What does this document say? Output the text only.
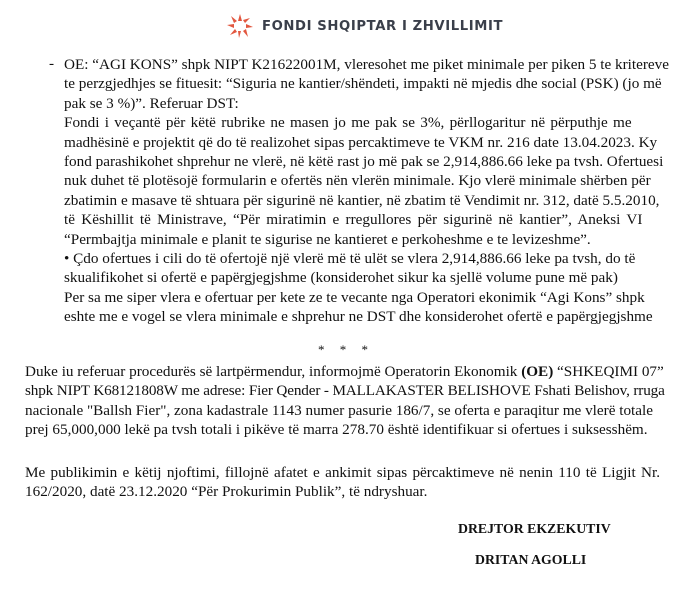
FONDI SHQIPTAR I ZHVILLIMIT
- OE: “AGI KONS” shpk NIPT K21622001M, vleresohet me piket minimale per piken 5 te kritereve
te perzgjedhjes se fituesit: “Siguria ne kantier/shëndeti, impakti në mjedis dhe social (PSK) (jo më
pak se 3 %)”. Referuar DST:
Fondi i veçantë për këtë rubrike ne masen jo me pak se 3%, përllogaritur në përputhje me
madhësinë e projektit që do të realizohet sipas percaktimeve te VKM nr. 216 date 13.04.2023. Ky
fond parashikohet shprehur ne vlerë, në këtë rast jo më pak se 2,914,886.66 leke pa tvsh. Ofertuesi
nuk duhet të plotësojë formularin e ofertës nën vlerën minimale. Kjo vlerë minimale shërben për
zbatimin e masave të shtuara për sigurinë në kantier, në zbatim të Vendimit nr. 312, datë 5.5.2010,
të Këshillit të Ministrave, “Për miratimin e rregullores për sigurinë në kantier”, Aneksi VI
“Permbajtja minimale e planit te sigurise ne kantieret e perkoheshme e te levizeshme”.
• Çdo ofertues i cili do të ofertojë një vlerë më të ulët se vlera 2,914,886.66 leke pa tvsh, do të
skualifikohet si ofertë e papërgjegjshme (konsiderohet sikur ka sjellë volume pune më pak)
Per sa me siper vlera e ofertuar per kete ze te vecante nga Operatori ekonimik “Agi Kons” shpk
eshte me e vogel se vlera minimale e shprehur ne DST dhe konsiderohet ofertë e papërgjegjshme
* * *
Duke iu referuar procedurës së lartpërmendur, informojmë Operatorin Ekonomik (OE) “SHKEQIMI 07”
shpk NIPT K68121808W me adrese: Fier Qender - MALLAKASTER BELISHOVE Fshati Belishov, rruga
nacionale "Ballsh Fier", zona kadastrale 1143 numer pasurie 186/7, se oferta e paraqitur me vlerë totale
prej 65,000,000 lekë pa tvsh totali i pikëve të marra 278.70 është identifikuar si ofertues i suksesshëm.
Me publikimin e këtij njoftimi, fillojnë afatet e ankimit sipas përcaktimeve në nenin 110 të Ligjit Nr.
162/2020, datë 23.12.2020 “Për Prokurimin Publik”, të ndryshuar.
DREJTOR EKZEKUTIV
DRITAN AGOLLI
